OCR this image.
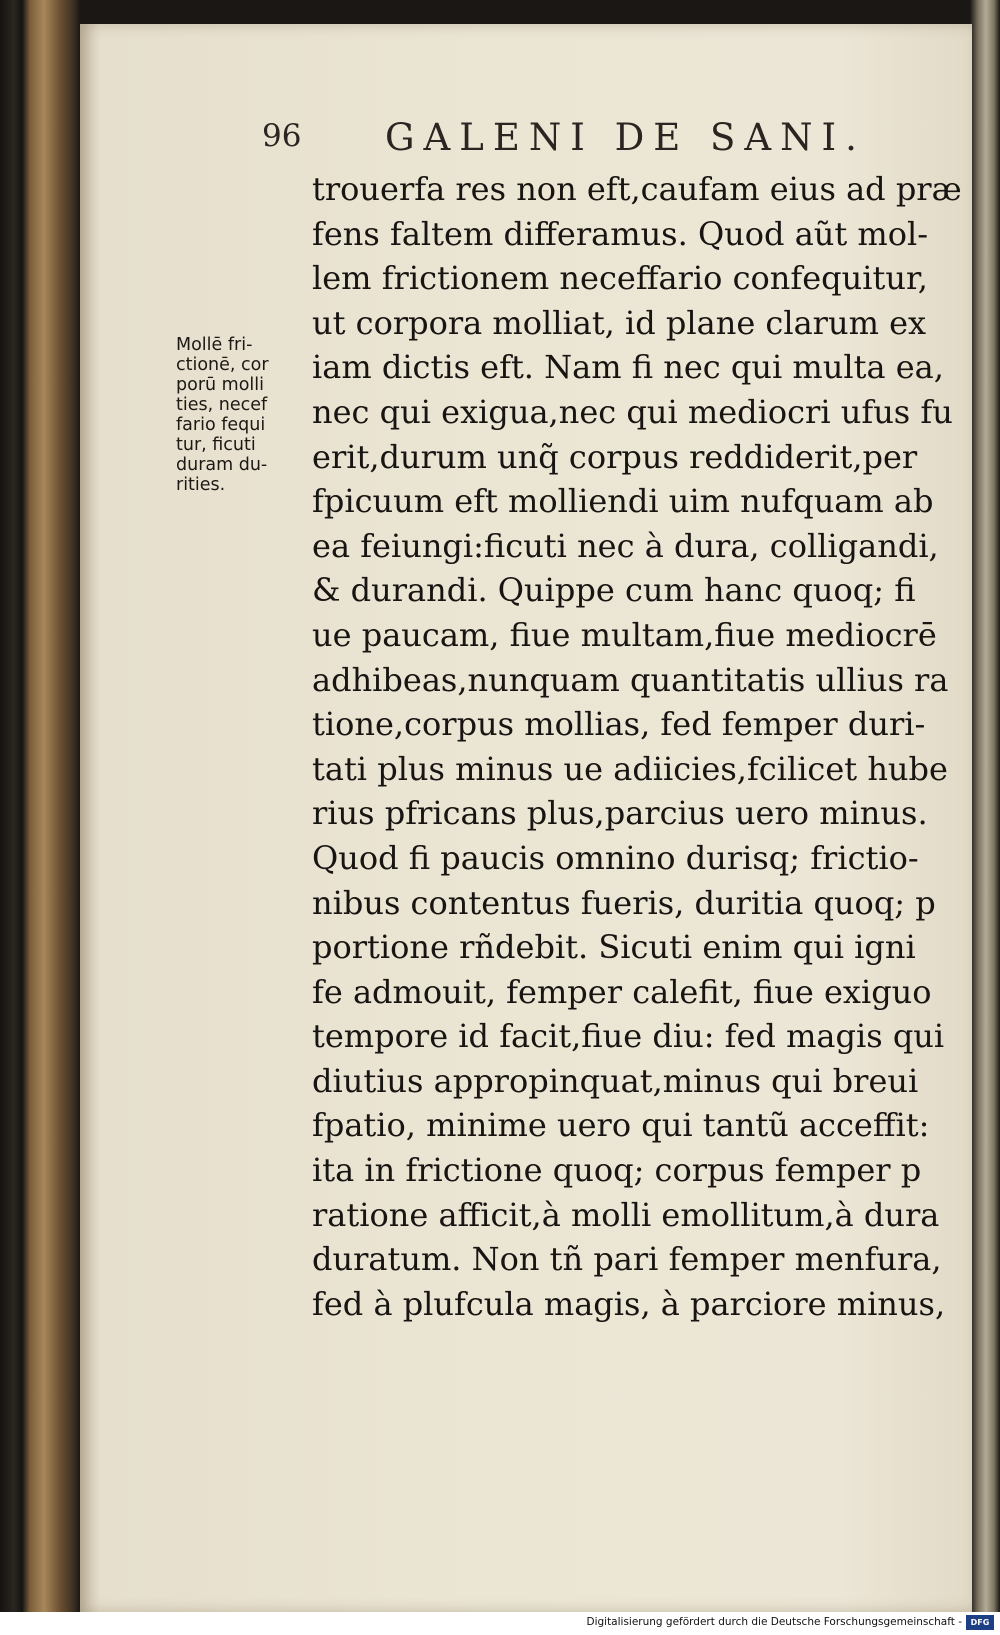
96 GALENI DE SANI.
Mollē fri-
ctionē, cor
porū molli
ties, necef
fario fequi
tur, ficuti
duram du-
rities.
trouerfa res non eft,caufam eius ad præ
fens faltem differamus. Quod aũt mol-
lem frictionem neceffario confequitur,
ut corpora molliat, id plane clarum ex
iam dictis eft. Nam fi nec qui multa ea,
nec qui exigua,nec qui mediocri ufus fu
erit,durum unq̃ corpus reddiderit,per
fpicuum eft molliendi uim nufquam ab
ea feiungi:ficuti nec à dura, colligandi,
& durandi. Quippe cum hanc quoq; fi
ue paucam, fiue multam,fiue mediocrē
adhibeas,nunquam quantitatis ullius ra
tione,corpus mollias, fed femper duri-
tati plus minus ue adiicies,fcilicet hube
rius pfricans plus,parcius uero minus.
Quod fi paucis omnino durisq; frictio-
nibus contentus fueris, duritia quoq; p
portione rñdebit. Sicuti enim qui igni
fe admouit, femper calefit, fiue exiguo
tempore id facit,fiue diu: fed magis qui
diutius appropinquat,minus qui breui
fpatio, minime uero qui tantũ acceffit:
ita in frictione quoq; corpus femper p
ratione afficit,à molli emollitum,à dura
duratum. Non tñ pari femper menfura,
fed à plufcula magis, à parciore minus,
Digitalisierung gefördert durch die Deutsche Forschungsgemeinschaft -	DFG
